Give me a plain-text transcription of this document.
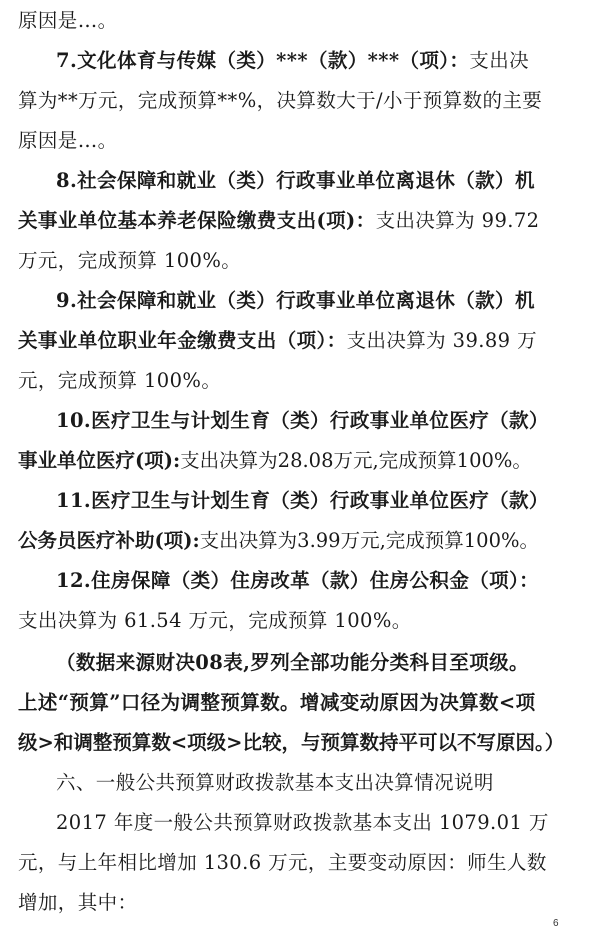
原因是…。
7.文化体育与传媒（类）***（款）***（项）：支出决
算为**万元，完成预算**%，决算数大于/小于预算数的主要
原因是…。
8.社会保障和就业（类）行政事业单位离退休（款）机
关事业单位基本养老保险缴费支出(项)：支出决算为 99.72
万元，完成预算 100%。
9.社会保障和就业（类）行政事业单位离退休（款）机
关事业单位职业年金缴费支出（项）：支出决算为 39.89 万
元，完成预算 100%。
10.医疗卫生与计划生育（类）行政事业单位医疗（款）
事业单位医疗(项):支出决算为28.08万元,完成预算100%。
11.医疗卫生与计划生育（类）行政事业单位医疗（款）
公务员医疗补助(项):支出决算为3.99万元,完成预算100%。
12.住房保障（类）住房改革（款）住房公积金（项）：
支出决算为 61.54 万元，完成预算 100%。
（数据来源财决08表,罗列全部功能分类科目至项级。
上述“预算”口径为调整预算数。增减变动原因为决算数<项
级>和调整预算数<项级>比较，与预算数持平可以不写原因。）
六、一般公共预算财政拨款基本支出决算情况说明
2017 年度一般公共预算财政拨款基本支出 1079.01 万
元，与上年相比增加 130.6 万元，主要变动原因：师生人数
增加，其中：
6
